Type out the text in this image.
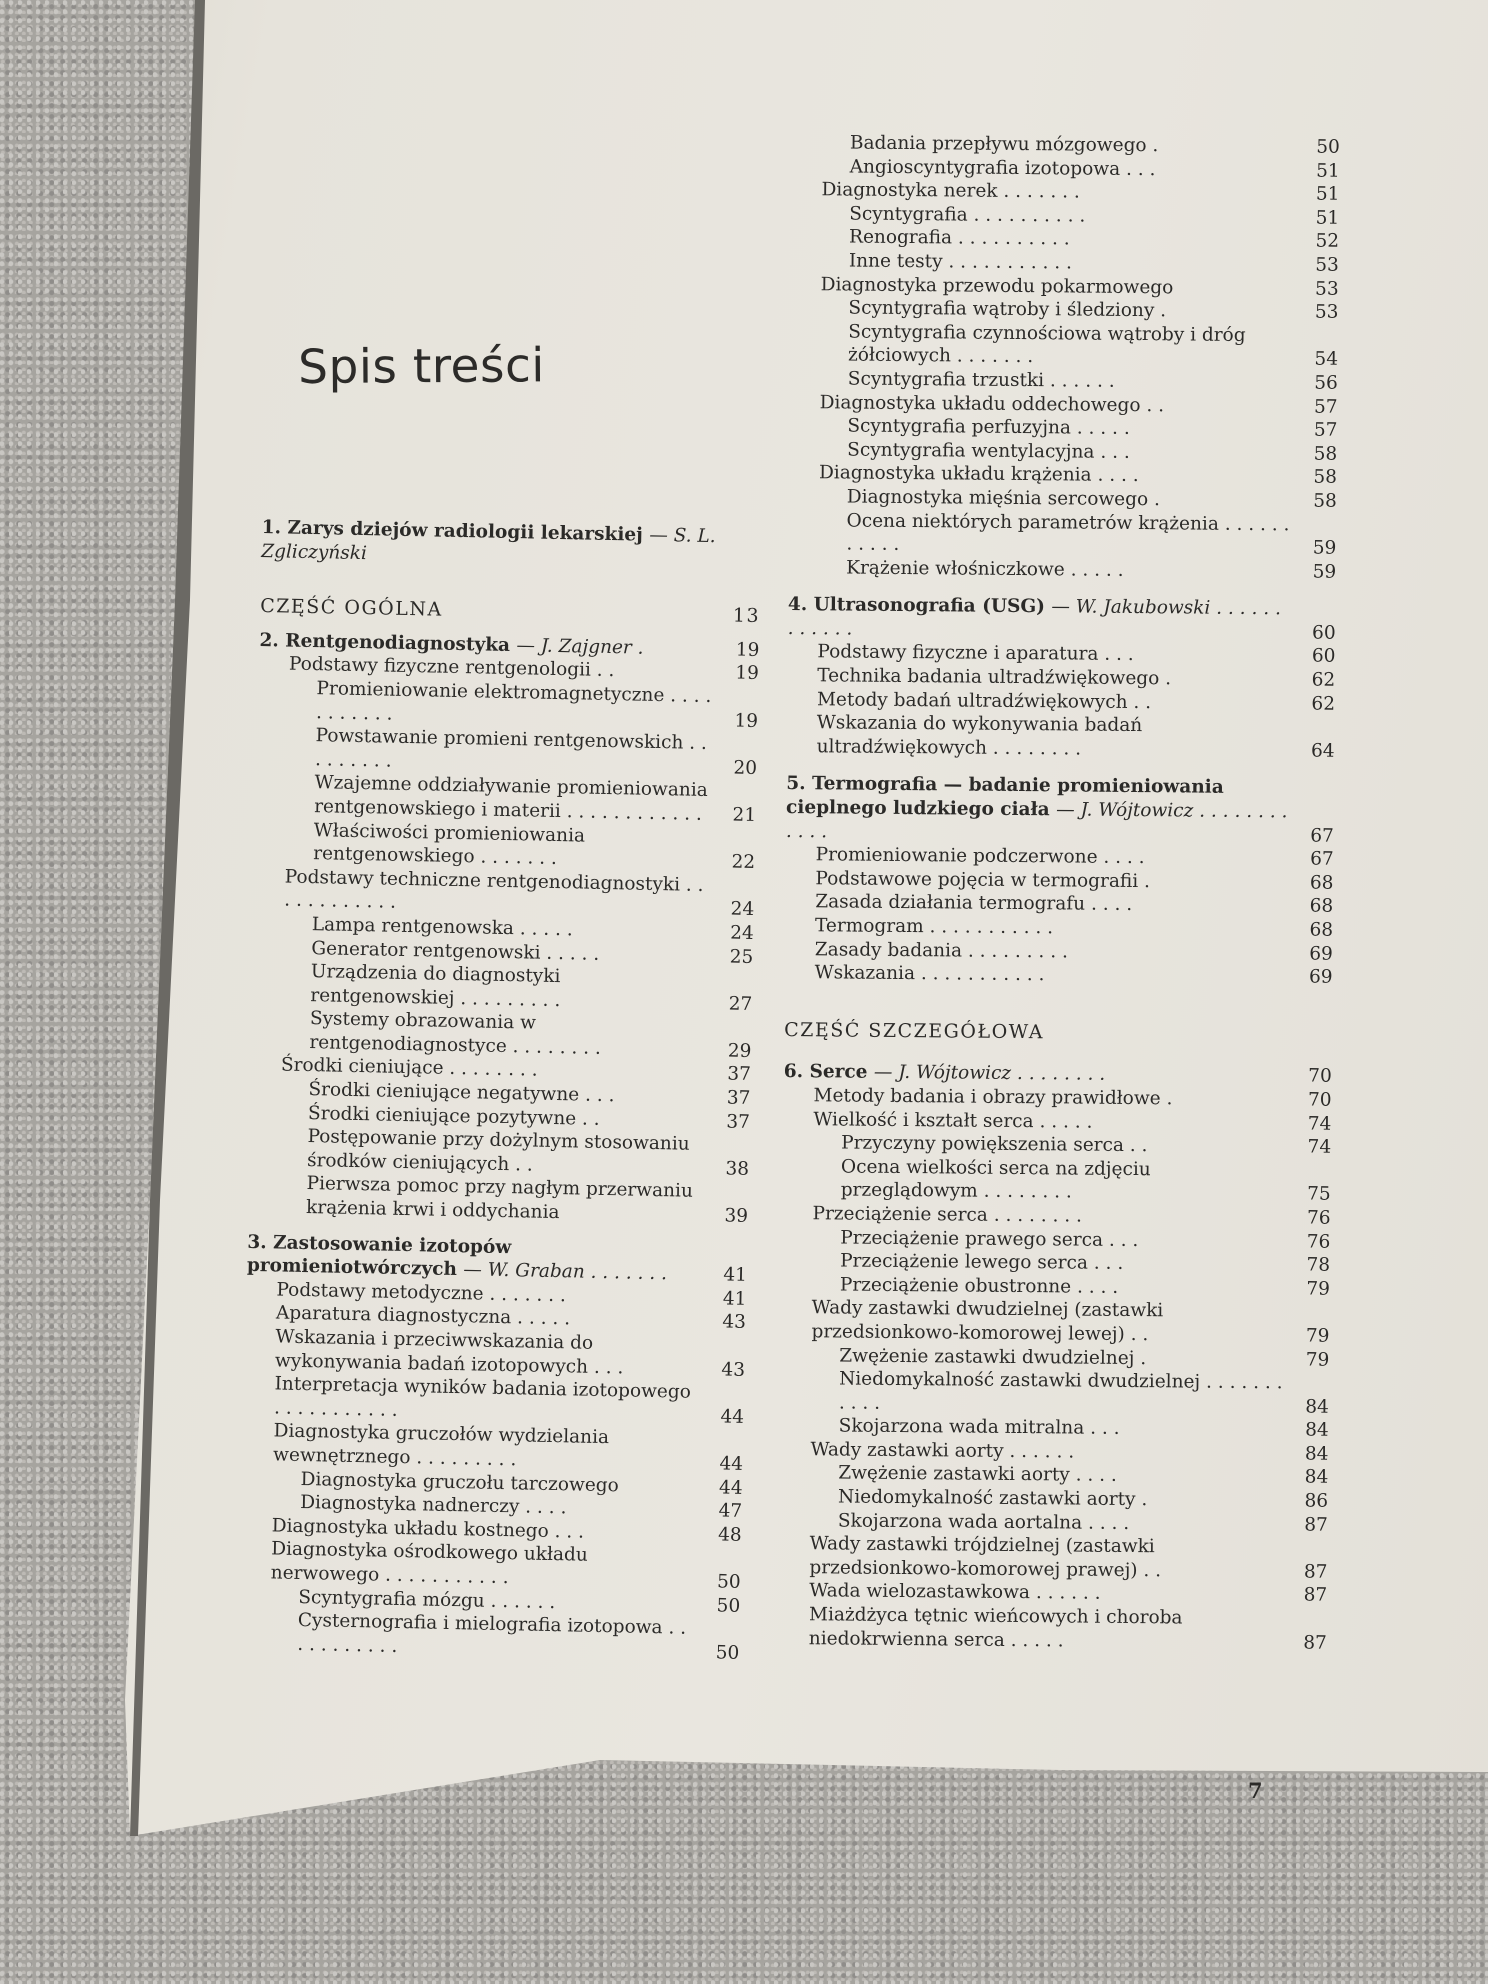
Spis treści
1. Zarys dziejów radiologii lekarskiej — S. L. Zgliczyński
CZĘŚĆ OGÓLNA	13
2. Rentgenodiagnostyka — J. Zajgner .	19
Podstawy fizyczne rentgenologii . .	19
Promieniowanie elektromagnetyczne . . . . . . . . . . .	19
Powstawanie promieni rentgenowskich . . . . . . . . .	20
Wzajemne oddziaływanie promieniowania rentgenowskiego i materii . . . . . . . . . . . .	21
Właściwości promieniowania rentgenowskiego . . . . . . .	22
Podstawy techniczne rentgenodiagnostyki . . . . . . . . . . . .	24
Lampa rentgenowska . . . . .	24
Generator rentgenowski . . . . .	25
Urządzenia do diagnostyki rentgenowskiej . . . . . . . . .	27
Systemy obrazowania w rentgenodiagnostyce . . . . . . . .	29
Środki cieniujące . . . . . . . .	37
Środki cieniujące negatywne . . .	37
Środki cieniujące pozytywne . .	37
Postępowanie przy dożylnym stosowaniu środków cieniujących . .	38
Pierwsza pomoc przy nagłym przerwaniu krążenia krwi i oddychania	39
3. Zastosowanie izotopów promieniotwórczych — W. Graban . . . . . . .	41
Podstawy metodyczne . . . . . . .	41
Aparatura diagnostyczna . . . . .	43
Wskazania i przeciwwskazania do wykonywania badań izotopowych . . .	43
Interpretacja wyników badania izotopowego . . . . . . . . . . .	44
Diagnostyka gruczołów wydzielania wewnętrznego . . . . . . . . .	44
Diagnostyka gruczołu tarczowego	44
Diagnostyka nadnerczy . . . .	47
Diagnostyka układu kostnego . . .	48
Diagnostyka ośrodkowego układu nerwowego . . . . . . . . . . .	50
Scyntygrafia mózgu . . . . . .	50
Cysternografia i mielografia izotopowa . . . . . . . . . . .	50
Badania przepływu mózgowego .	50
Angioscyntygrafia izotopowa . . .	51
Diagnostyka nerek . . . . . . .	51
Scyntygrafia . . . . . . . . . .	51
Renografia . . . . . . . . . .	52
Inne testy . . . . . . . . . . .	53
Diagnostyka przewodu pokarmowego	53
Scyntygrafia wątroby i śledziony .	53
Scyntygrafia czynnościowa wątroby i dróg żółciowych . . . . . . .	54
Scyntygrafia trzustki . . . . . .	56
Diagnostyka układu oddechowego . .	57
Scyntygrafia perfuzyjna . . . . .	57
Scyntygrafia wentylacyjna . . .	58
Diagnostyka układu krążenia . . . .	58
Diagnostyka mięśnia sercowego .	58
Ocena niektórych parametrów krążenia . . . . . . . . . . .	59
Krążenie włośniczkowe . . . . .	59
4. Ultrasonografia (USG) — W. Jakubowski . . . . . . . . . . . .	60
Podstawy fizyczne i aparatura . . .	60
Technika badania ultradźwiękowego .	62
Metody badań ultradźwiękowych . .	62
Wskazania do wykonywania badań ultradźwiękowych . . . . . . . .	64
5. Termografia — badanie promieniowania cieplnego ludzkiego ciała — J. Wójtowicz . . . . . . . . . . . .	67
Promieniowanie podczerwone . . . .	67
Podstawowe pojęcia w termografii .	68
Zasada działania termografu . . . .	68
Termogram . . . . . . . . . . .	68
Zasady badania . . . . . . . . .	69
Wskazania . . . . . . . . . . .	69
CZĘŚĆ SZCZEGÓŁOWA
6. Serce — J. Wójtowicz . . . . . . . .	70
Metody badania i obrazy prawidłowe .	70
Wielkość i kształt serca . . . . .	74
Przyczyny powiększenia serca . .	74
Ocena wielkości serca na zdjęciu przeglądowym . . . . . . . .	75
Przeciążenie serca . . . . . . . .	76
Przeciążenie prawego serca . . .	76
Przeciążenie lewego serca . . .	78
Przeciążenie obustronne . . . .	79
Wady zastawki dwudzielnej (zastawki przedsionkowo-komorowej lewej) . .	79
Zwężenie zastawki dwudzielnej .	79
Niedomykalność zastawki dwudzielnej . . . . . . . . . . .	84
Skojarzona wada mitralna . . .	84
Wady zastawki aorty . . . . . .	84
Zwężenie zastawki aorty . . . .	84
Niedomykalność zastawki aorty .	86
Skojarzona wada aortalna . . . .	87
Wady zastawki trójdzielnej (zastawki przedsionkowo-komorowej prawej) . .	87
Wada wielozastawkowa . . . . . .	87
Miażdżyca tętnic wieńcowych i choroba niedokrwienna serca . . . . .	87
7
